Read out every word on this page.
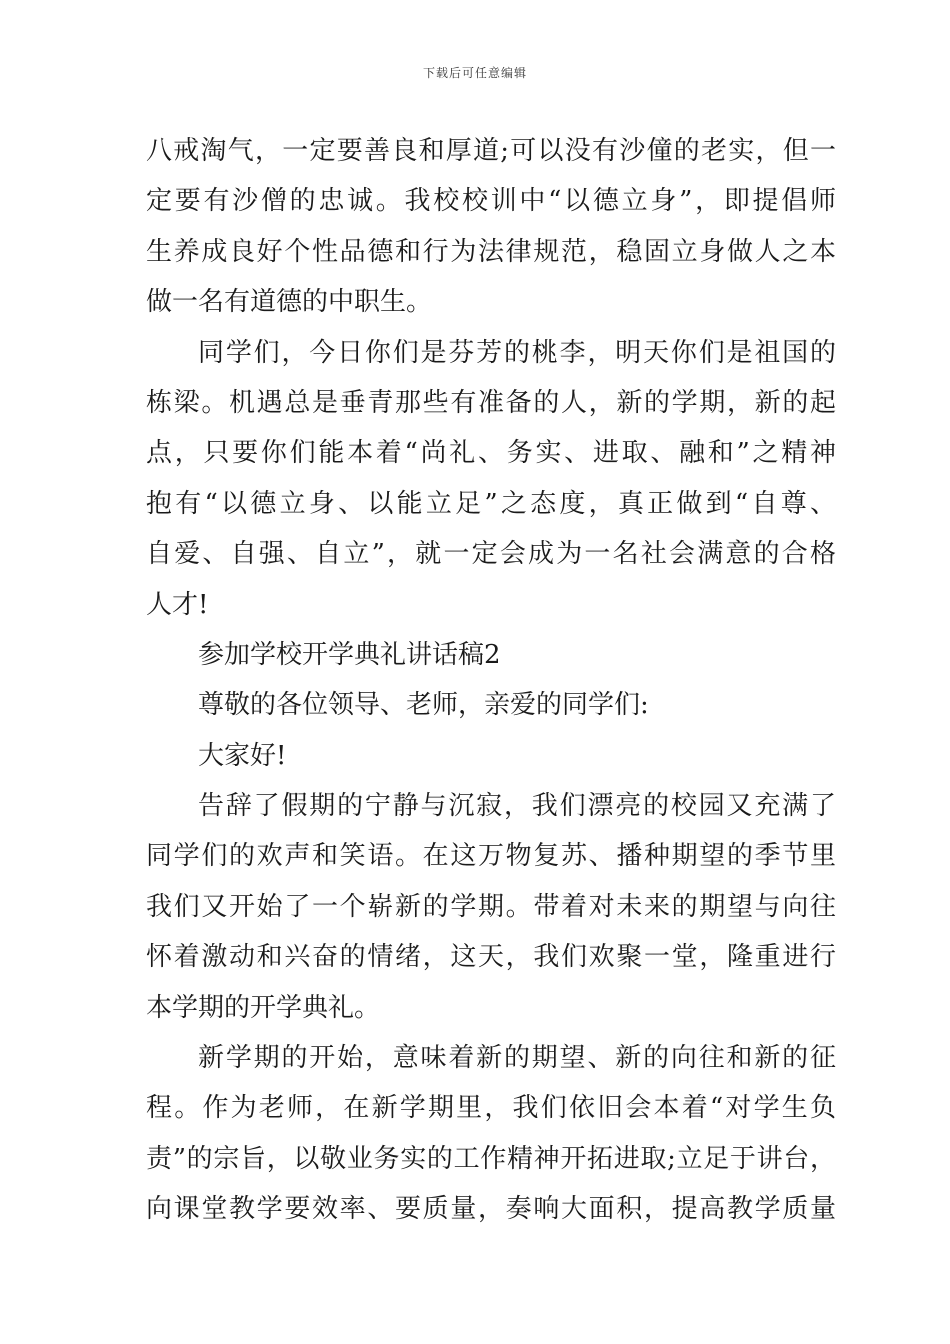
下载后可任意编辑
八戒淘气，一定要善良和厚道;可以没有沙僮的老实，但一
定要有沙僧的忠诚。我校校训中“以德立身”，即提倡师
生养成良好个性品德和行为法律规范，稳固立身做人之本
做一名有道德的中职生。
同学们，今日你们是芬芳的桃李，明天你们是祖国的
栋梁。机遇总是垂青那些有准备的人，新的学期，新的起
点，只要你们能本着“尚礼、务实、进取、融和”之精神
抱有“以德立身、以能立足”之态度，真正做到“自尊、
自爱、自强、自立”，就一定会成为一名社会满意的合格
人才!
参加学校开学典礼讲话稿2
尊敬的各位领导、老师，亲爱的同学们:
大家好!
告辞了假期的宁静与沉寂，我们漂亮的校园又充满了
同学们的欢声和笑语。在这万物复苏、播种期望的季节里
我们又开始了一个崭新的学期。带着对未来的期望与向往
怀着激动和兴奋的情绪，这天，我们欢聚一堂，隆重进行
本学期的开学典礼。
新学期的开始，意味着新的期望、新的向往和新的征
程。作为老师，在新学期里，我们依旧会本着“对学生负
责”的宗旨，以敬业务实的工作精神开拓进取;立足于讲台，
向课堂教学要效率、要质量，奏响大面积，提高教学质量
